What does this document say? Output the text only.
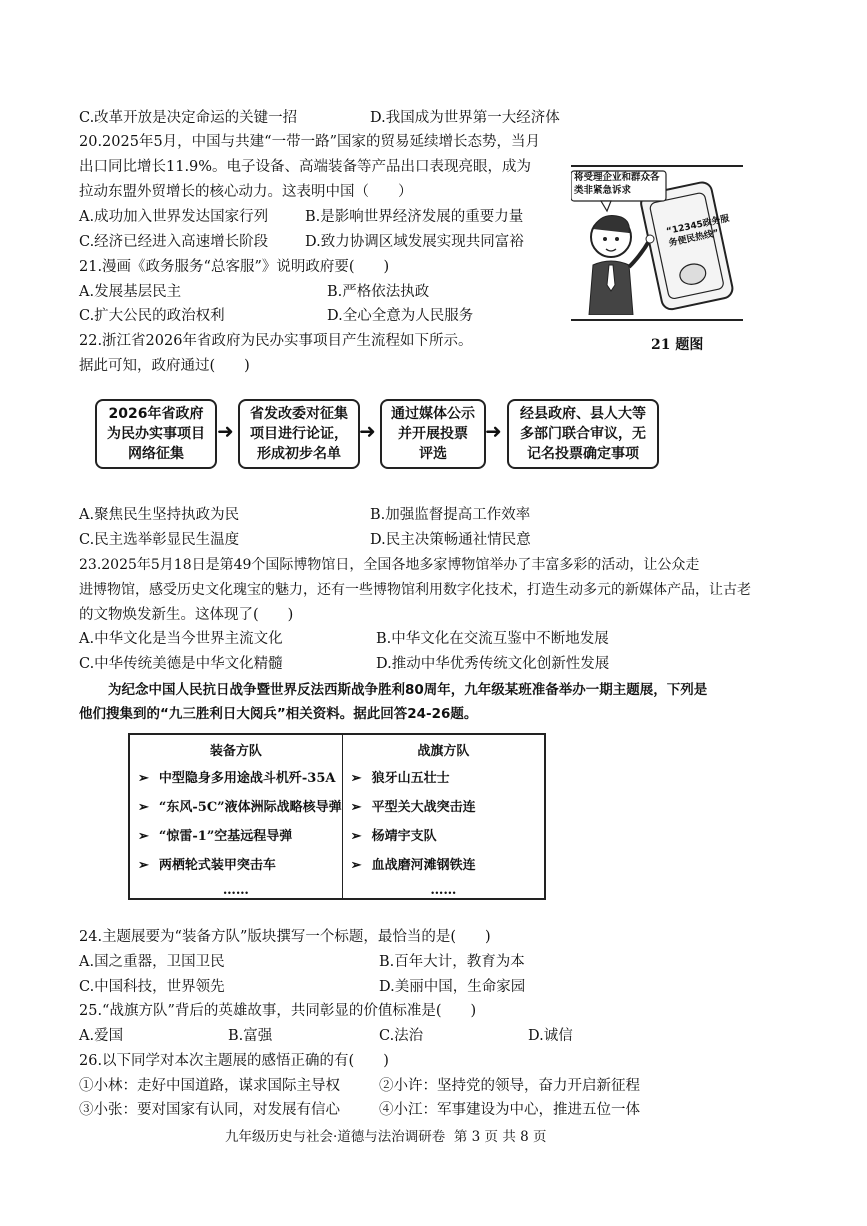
C.改革开放是决定命运的关键一招	D.我国成为世界第一大经济体
20.2025年5月，中国与共建“一带一路”国家的贸易延续增长态势，当月
出口同比增长11.9%。电子设备、高端装备等产品出口表现亮眼，成为
拉动东盟外贸增长的核心动力。这表明中国（　　）
A.成功加入世界发达国家行列	B.是影响世界经济发展的重要力量
C.经济已经进入高速增长阶段	D.致力协调区域发展实现共同富裕
21.漫画《政务服务“总客服”》说明政府要(　　)
A.发展基层民主	B.严格依法执政
C.扩大公民的政治权利	D.全心全意为人民服务
将受理企业和群众各类非紧急诉求
“12345政务服务便民热线”
21 题图
22.浙江省2026年省政府为民办实事项目产生流程如下所示。
据此可知，政府通过(　　)
2026年省政府
为民办实事项目
网络征集
➜
省发改委对征集
项目进行论证，
形成初步名单
➜
通过媒体公示
并开展投票
评选
➜
经县政府、县人大等
多部门联合审议，无
记名投票确定事项
A.聚焦民生坚持执政为民	B.加强监督提高工作效率
C.民主选举彰显民生温度	D.民主决策畅通社情民意
23.2025年5月18日是第49个国际博物馆日，全国各地多家博物馆举办了丰富多彩的活动，让公众走
进博物馆，感受历史文化瑰宝的魅力，还有一些博物馆利用数字化技术，打造生动多元的新媒体产品，让古老
的文物焕发新生。这体现了(　　)
A.中华文化是当今世界主流文化	B.中华文化在交流互鉴中不断地发展
C.中华传统美德是中华文化精髓	D.推动中华优秀传统文化创新性发展
为纪念中国人民抗日战争暨世界反法西斯战争胜利80周年，九年级某班准备举办一期主题展，下列是
他们搜集到的“九三胜利日大阅兵”相关资料。据此回答24-26题。
装备方队
➢ 中型隐身多用途战斗机歼-35A
➢ “东风-5C”液体洲际战略核导弹
➢ “惊雷-1”空基远程导弹
➢ 两栖轮式装甲突击车
……

战旗方队
➢ 狼牙山五壮士
➢ 平型关大战突击连
➢ 杨靖宇支队
➢ 血战磨河滩钢铁连
……
24.主题展要为“装备方队”版块撰写一个标题，最恰当的是(　　)
A.国之重器，卫国卫民	B.百年大计，教育为本
C.中国科技，世界领先	D.美丽中国，生命家园
25.“战旗方队”背后的英雄故事，共同彰显的价值标准是(　　)
A.爱国	B.富强	C.法治	D.诚信
26.以下同学对本次主题展的感悟正确的有(　　)
①小林：走好中国道路，谋求国际主导权	②小许：坚持党的领导，奋力开启新征程
③小张：要对国家有认同，对发展有信心	④小江：军事建设为中心，推进五位一体
九年级历史与社会·道德与法治调研卷  第 3 页 共 8 页
